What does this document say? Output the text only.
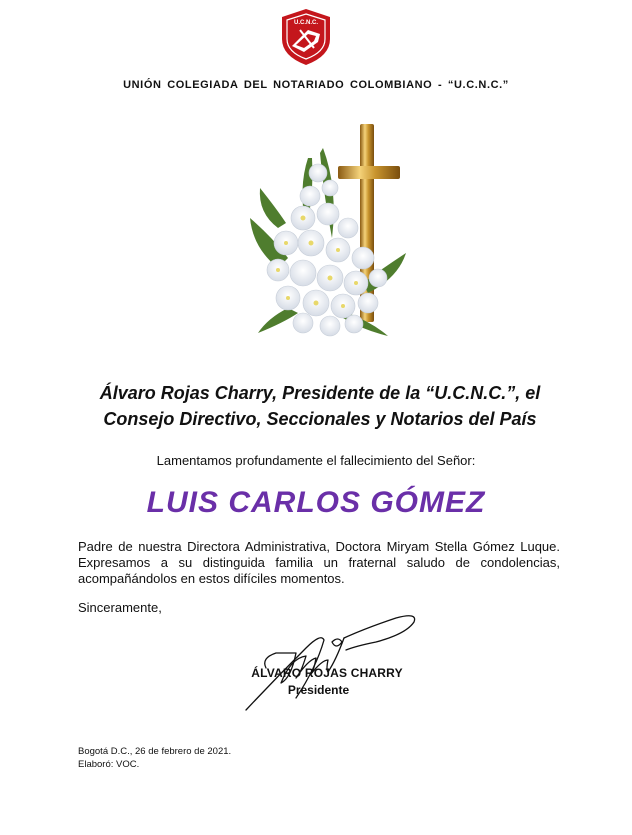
U.C.N.C.
UNIÓN COLEGIADA DEL NOTARIADO COLOMBIANO - “U.C.N.C.”
Álvaro Rojas Charry, Presidente de la “U.C.N.C.”, el
Consejo Directivo, Seccionales y Notarios del País
Lamentamos profundamente el fallecimiento del Señor:
LUIS CARLOS GÓMEZ
Padre de nuestra Directora Administrativa, Doctora Miryam Stella Gómez Luque. Expresamos a su distinguida familia un fraternal saludo de condolencias, acompañándolos en estos difíciles momentos.
Sinceramente,
ÁLVARO ROJAS CHARRY
Presidente
Bogotá D.C., 26 de febrero de 2021.
Elaboró: VOC.
